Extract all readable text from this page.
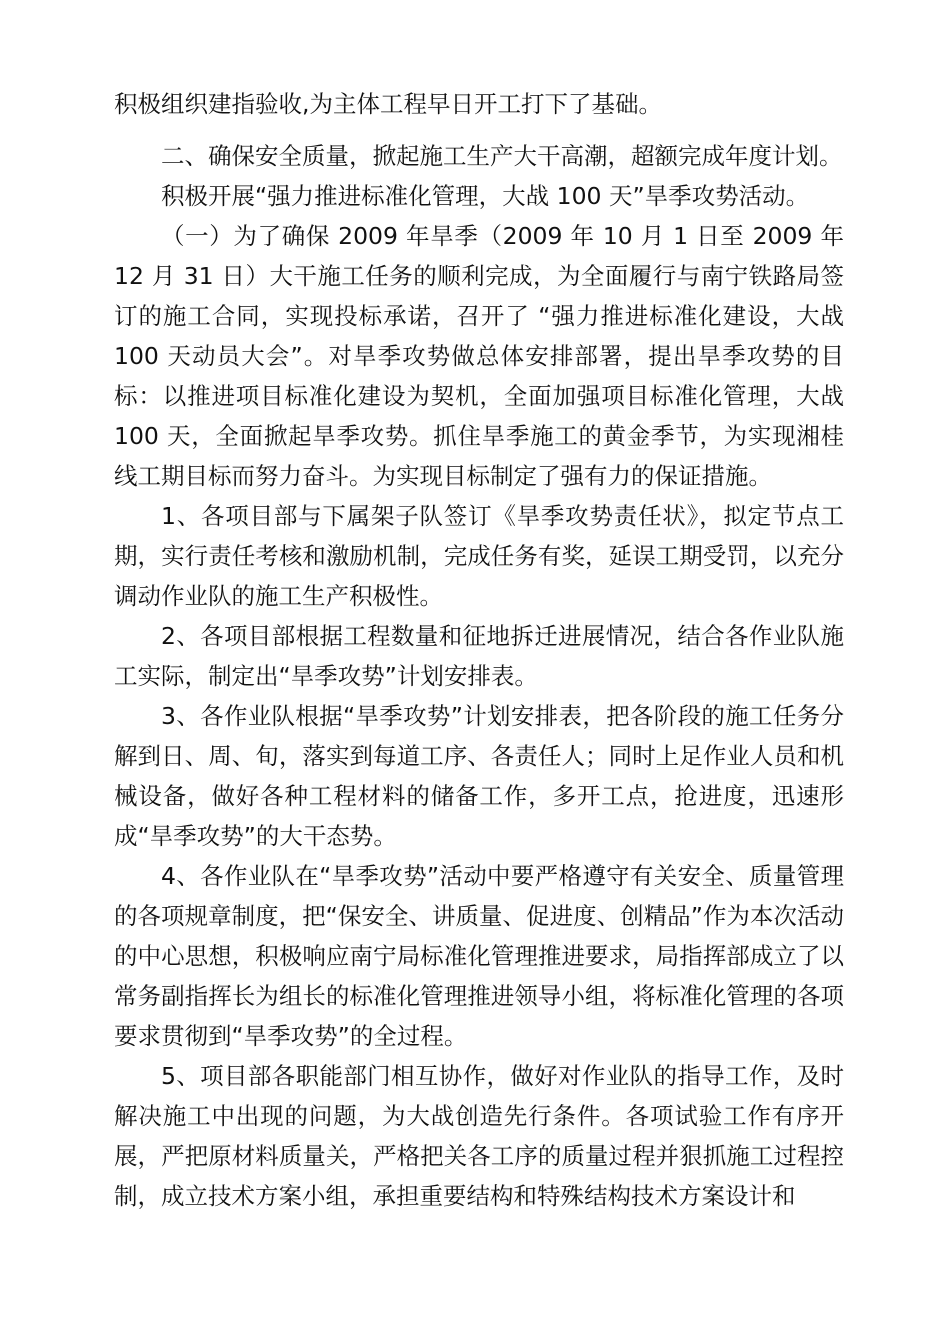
积极组织建指验收,为主体工程早日开工打下了基础。

二、确保安全质量，掀起施工生产大干高潮，超额完成年度计划。

积极开展“强力推进标准化管理，大战 100 天”旱季攻势活动。

（一）为了确保 2009 年旱季（2009 年 10 月 1 日至 2009 年 12 月 31 日）大干施工任务的顺利完成，为全面履行与南宁铁路局签订的施工合同，实现投标承诺，召开了 “强力推进标准化建设，大战 100 天动员大会”。对旱季攻势做总体安排部署，提出旱季攻势的目标：以推进项目标准化建设为契机，全面加强项目标准化管理，大战 100 天，全面掀起旱季攻势。抓住旱季施工的黄金季节，为实现湘桂线工期目标而努力奋斗。为实现目标制定了强有力的保证措施。

1、各项目部与下属架子队签订《旱季攻势责任状》，拟定节点工期，实行责任考核和激励机制，完成任务有奖，延误工期受罚，以充分调动作业队的施工生产积极性。

2、各项目部根据工程数量和征地拆迁进展情况，结合各作业队施工实际，制定出“旱季攻势”计划安排表。

3、各作业队根据“旱季攻势”计划安排表，把各阶段的施工任务分解到日、周、旬，落实到每道工序、各责任人；同时上足作业人员和机械设备，做好各种工程材料的储备工作，多开工点，抢进度，迅速形成“旱季攻势”的大干态势。

4、各作业队在“旱季攻势”活动中要严格遵守有关安全、质量管理的各项规章制度，把“保安全、讲质量、促进度、创精品”作为本次活动的中心思想，积极响应南宁局标准化管理推进要求，局指挥部成立了以常务副指挥长为组长的标准化管理推进领导小组，将标准化管理的各项要求贯彻到“旱季攻势”的全过程。

5、项目部各职能部门相互协作，做好对作业队的指导工作，及时解决施工中出现的问题，为大战创造先行条件。各项试验工作有序开展，严把原材料质量关，严格把关各工序的质量过程并狠抓施工过程控制，成立技术方案小组，承担重要结构和特殊结构技术方案设计和
